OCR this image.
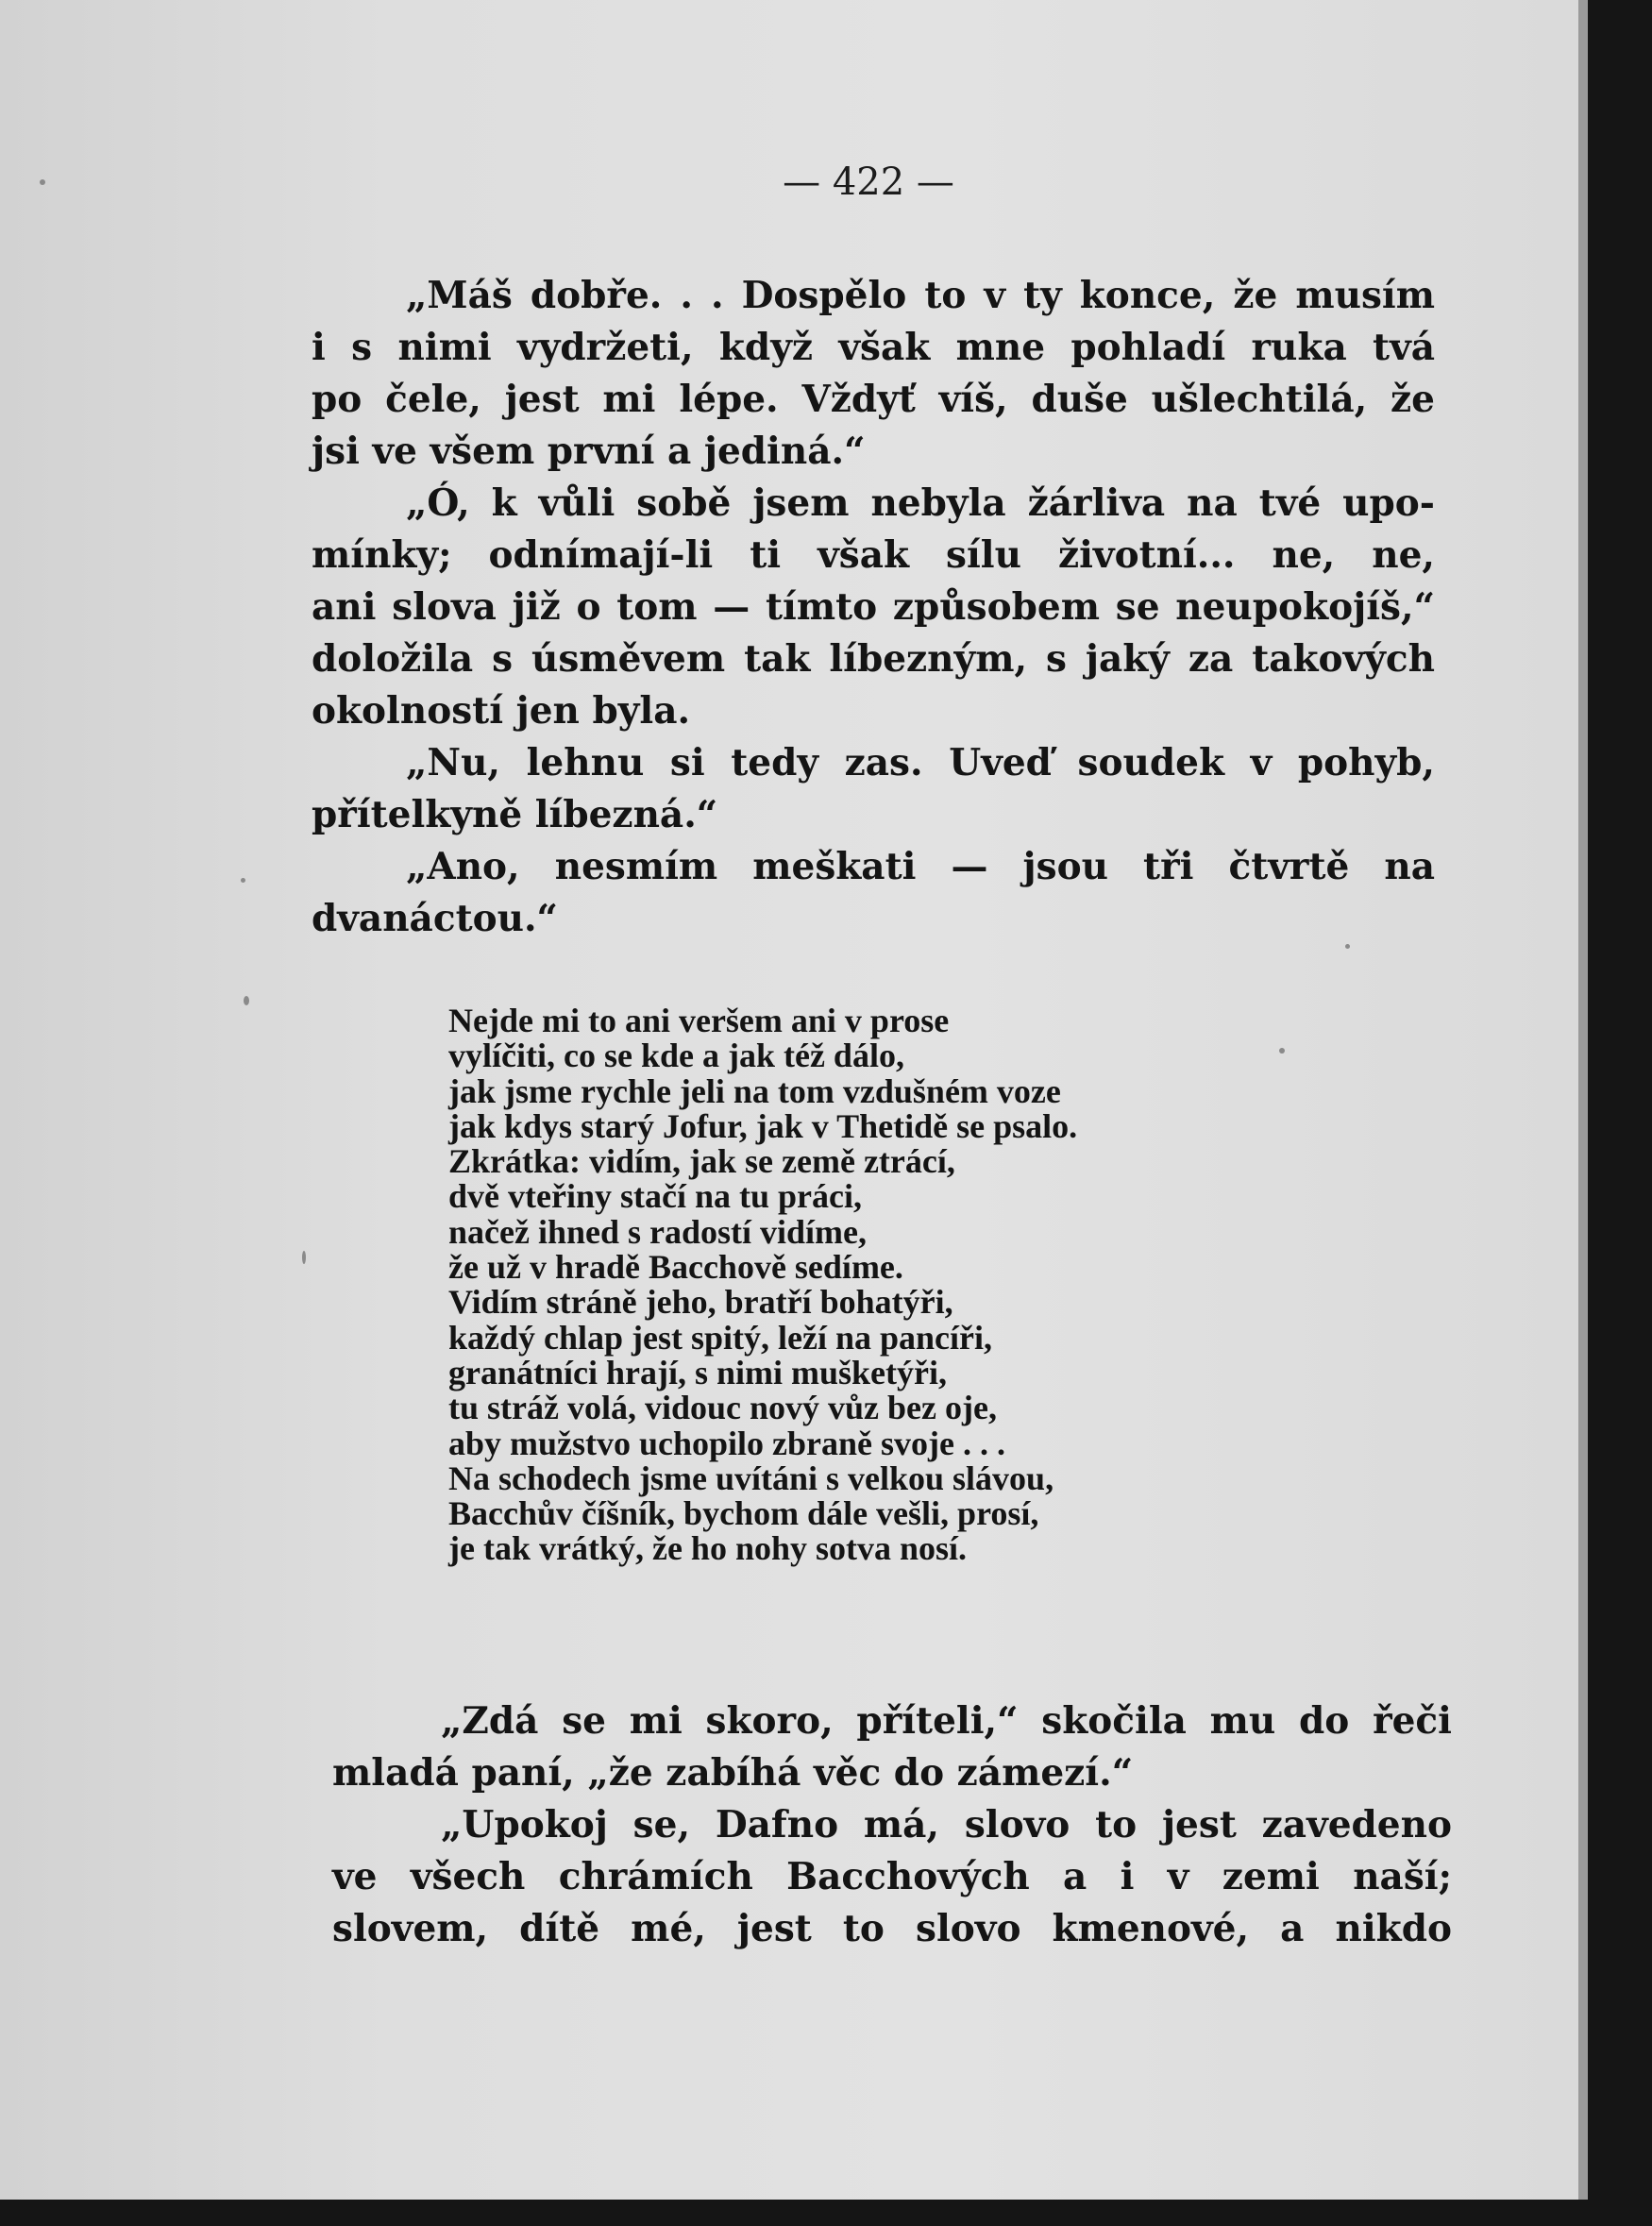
— 422 —

„Máš dobře. . . Dospělo to v ty konce, že musím

i s nimi vydržeti, když však mne pohladí ruka tvá

po čele, jest mi lépe. Vždyť víš, duše ušlechtilá, že

jsi ve všem první a jediná.“

„Ó, k vůli sobě jsem nebyla žárliva na tvé upo-

mínky; odnímají-li ti však sílu životní... ne, ne,

ani slova již o tom — tímto způsobem se neupokojíš,“

doložila s úsměvem tak líbezným, s jaký za takových

okolností jen byla.

„Nu, lehnu si tedy zas. Uveď soudek v pohyb,

přítelkyně líbezná.“

„Ano, nesmím meškati — jsou tři čtvrtě na

dvanáctou.“

Nejde mi to ani veršem ani v prose

vylíčiti, co se kde a jak též dálo,

jak jsme rychle jeli na tom vzdušném voze

jak kdys starý Jofur, jak v Thetidě se psalo.

Zkrátka: vidím, jak se země ztrácí,

dvě vteřiny stačí na tu práci,

načež ihned s radostí vidíme,

že už v hradě Bacchově sedíme.

Vidím stráně jeho, bratří bohatýři,

každý chlap jest spitý, leží na pancíři,

granátníci hrají, s nimi mušketýři,

tu stráž volá, vidouc nový vůz bez oje,

aby mužstvo uchopilo zbraně svoje . . .

Na schodech jsme uvítáni s velkou slávou,

Bacchův číšník, bychom dále vešli, prosí,

je tak vrátký, že ho nohy sotva nosí.

„Zdá se mi skoro, příteli,“ skočila mu do řeči

mladá paní, „že zabíhá věc do zámezí.“

„Upokoj se, Dafno má, slovo to jest zavedeno

ve všech chrámích Bacchových a i v zemi naší;

slovem, dítě mé, jest to slovo kmenové, a nikdo
